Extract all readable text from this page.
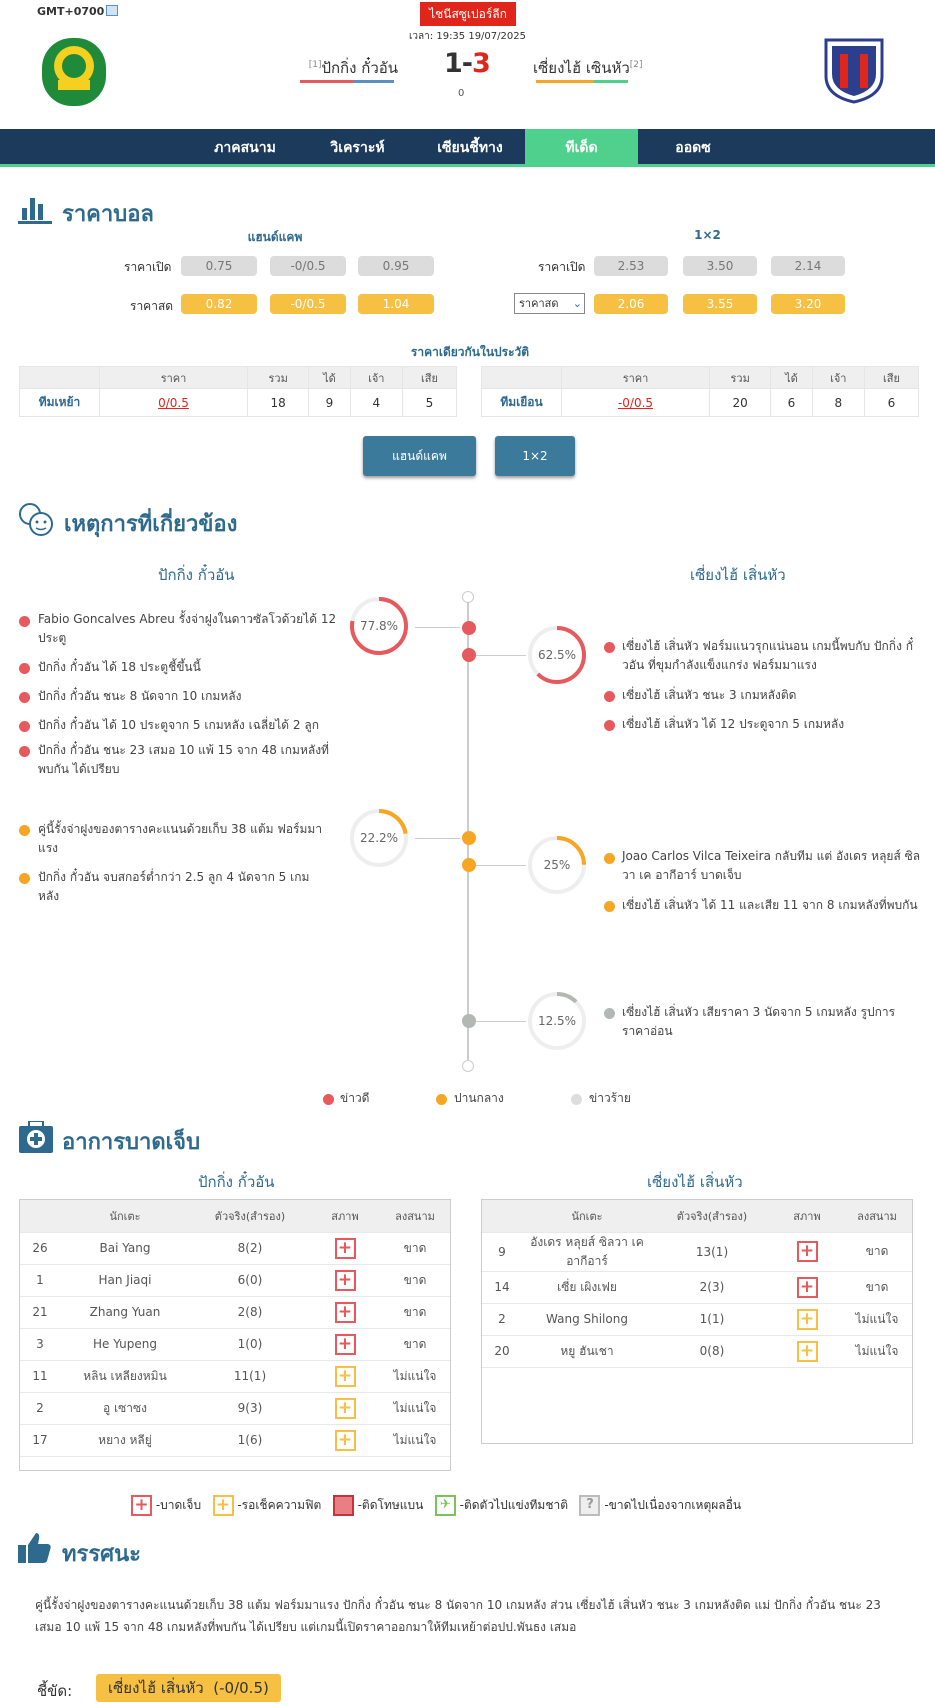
GMT+0700	ไชนีสซูเปอร์ลีก
เวลา: 19:35 19/07/2025
[1]ปักกิ่ง กั๋วอัน 1-3
0
เซี่ยงไฮ้ เซินหัว[2]
ภาคสนาม	วิเคราะห์	เซียนชี้ทาง	ทีเด็ด	ออดซ
ราคาบอล
แฮนด์แคพ	1×2
ราคาเปิด	0.75	-0/0.5	0.95
ราคาสด	0.82	-0/0.5	1.04
ราคาเปิด	2.53	3.50	2.14
ราคาสด ⌄	2.06	3.55	3.20
ราคาเดียวกันในประวัติ
	ราคา	รวม	ได้	เจ้า	เสีย
ทีมเหย้า	0/0.5	18	9	4	5
	ราคา	รวม	ได้	เจ้า	เสีย
ทีมเยือน	-0/0.5	20	6	8	6
แฮนด์แคพ	1×2
เหตุการที่เกี่ยวข้อง
ปักกิ่ง กั๋วอัน	เซี่ยงไฮ้ เสิ่นหัว
77.8%
62.5%
22.2%
25%
12.5%
Fabio Goncalves Abreu รั้งจ่าฝูงในดาวซัลโวด้วยได้ 12 ประตู
ปักกิ่ง กั๋วอัน ได้ 18 ประตูชี้ขึ้นนี้
ปักกิ่ง กั๋วอัน ชนะ 8 นัดจาก 10 เกมหลัง
ปักกิ่ง กั๋วอัน ได้ 10 ประตูจาก 5 เกมหลัง เฉลี่ยได้ 2 ลูก
ปักกิ่ง กั๋วอัน ชนะ 23 เสมอ 10 แพ้ 15 จาก 48 เกมหลังที่พบกัน ได้เปรียบ
คู่นี้รั้งจ่าฝูงของตารางคะแนนด้วยเก็บ 38 แต้ม ฟอร์มมาแรง
ปักกิ่ง กั๋วอัน จบสกอร์ต่ำกว่า 2.5 ลูก 4 นัดจาก 5 เกมหลัง
เซี่ยงไฮ้ เสิ่นหัว ฟอร์มแนวรุกแน่นอน เกมนี้พบกับ ปักกิ่ง กั๋วอัน ที่ขุมกำลังแข็งแกร่ง ฟอร์มมาแรง
เซี่ยงไฮ้ เสิ่นหัว ชนะ 3 เกมหลังติด
เซี่ยงไฮ้ เสิ่นหัว ได้ 12 ประตูจาก 5 เกมหลัง
Joao Carlos Vilca Teixeira กลับทีม แต่ อังเดร หลุยส์ ซิลวา เค อากีอาร์ บาดเจ็บ
เซี่ยงไฮ้ เสิ่นหัว ได้ 11 และเสีย 11 จาก 8 เกมหลังที่พบกัน
เซี่ยงไฮ้ เสิ่นหัว เสียราคา 3 นัดจาก 5 เกมหลัง รูปการราคาอ่อน
ข่าวดี	ปานกลาง	ข่าวร้าย
อาการบาดเจ็บ
ปักกิ่ง กั๋วอัน	เซี่ยงไฮ้ เสิ่นหัว
	นักเตะ	ตัวจริง(สำรอง)	สภาพ	ลงสนาม
26	Bai Yang	8(2)	+	ขาด
1	Han Jiaqi	6(0)	+	ขาด
21	Zhang Yuan	2(8)	+	ขาด
3	He Yupeng	1(0)	+	ขาด
11	หลิน เหลียงหมิน	11(1)	+	ไม่แน่ใจ
2	อู เซาซง	9(3)	+	ไม่แน่ใจ
17	หยาง หลียู่	1(6)	+	ไม่แน่ใจ
	นักเตะ	ตัวจริง(สำรอง)	สภาพ	ลงสนาม
9	อังเดร หลุยส์ ซิลวา เค อากีอาร์	13(1)	+	ขาด
14	เซี่ย เผิงเฟย	2(3)	+	ขาด
2	Wang Shilong	1(1)	+	ไม่แน่ใจ
20	หยู ฮันเชา	0(8)	+	ไม่แน่ใจ
+ -บาดเจ็บ + -รอเช็คความฟิต	-ติดโทษแบน ✈ -ติดตัวไปแข่งทีมชาติ ? -ขาดไปเนื่องจากเหตุผลอื่น
ทรรศนะ
คู่นี้รั้งจ่าฝูงของตารางคะแนนด้วยเก็บ 38 แต้ม ฟอร์มมาแรง ปักกิ่ง กั๋วอัน ชนะ 8 นัดจาก 10 เกมหลัง ส่วน เซี่ยงไฮ้ เสิ่นหัว ชนะ 3 เกมหลังติด แม่ ปักกิ่ง กั๋วอัน ชนะ 23 เสมอ 10 แพ้ 15 จาก 48 เกมหลังที่พบกัน ได้เปรียบ แต่เกมนี้เปิดราคาออกมาให้ทีมเหย้าต่อปป.พันธง เสมอ
ชี้ขัด:	เซี่ยงไฮ้ เสิ่นหัว  (-0/0.5)
